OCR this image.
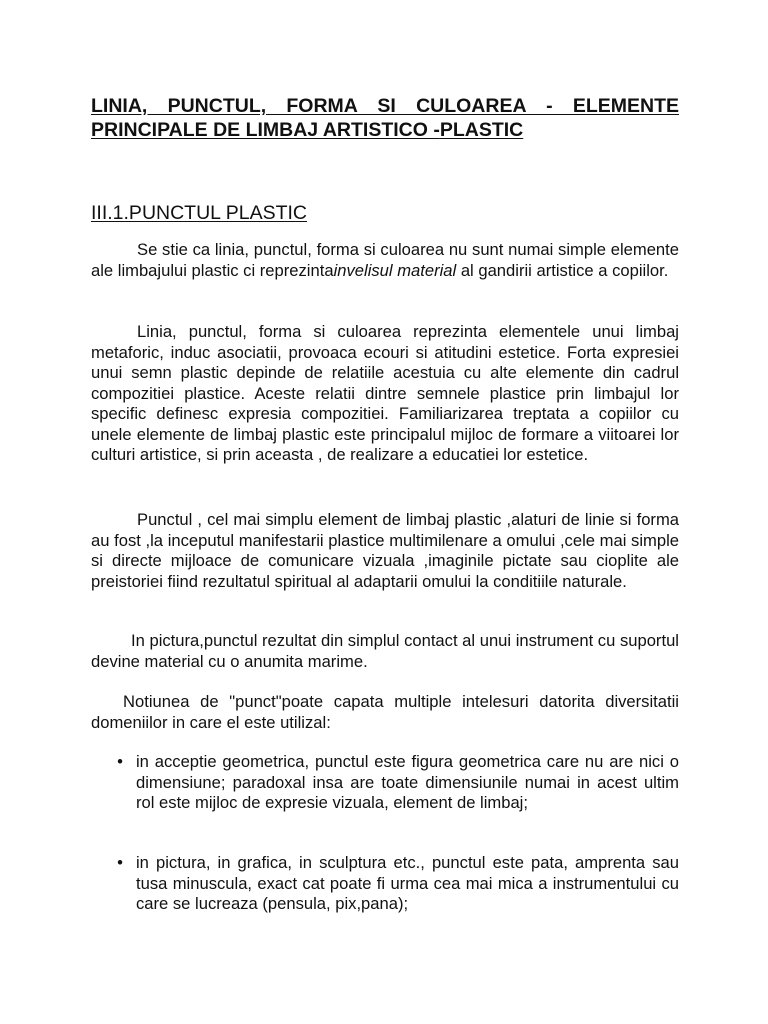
LINIA, PUNCTUL, FORMA SI CULOAREA - ELEMENTE PRINCIPALE DE LIMBAJ ARTISTICO -PLASTIC
III.1.PUNCTUL PLASTIC

Se stie ca linia, punctul, forma si culoarea nu sunt numai simple elemente ale limbajului plastic ci reprezintainvelisul material al gandirii artistice a copiilor.

Linia, punctul, forma si culoarea reprezinta elementele unui limbaj metaforic, induc asociatii, provoaca ecouri si atitudini estetice. Forta expresiei unui semn plastic depinde de relatiile acestuia cu alte elemente din cadrul compozitiei plastice. Aceste relatii dintre semnele plastice prin limbajul lor specific definesc expresia compozitiei. Familiarizarea treptata a copiilor cu unele elemente de limbaj plastic este principalul mijloc de formare a viitoarei lor culturi artistice, si prin aceasta , de realizare a educatiei lor estetice.

Punctul , cel mai simplu element de limbaj plastic ,alaturi de linie si forma au fost ,la inceputul manifestarii plastice multimilenare a omului ,cele mai simple si directe mijloace de comunicare vizuala ,imaginile pictate sau cioplite ale preistoriei fiind rezultatul spiritual al adaptarii omului la conditiile naturale.

In pictura,punctul rezultat din simplul contact al unui instrument cu suportul devine material cu o anumita marime.

Notiunea de "punct"poate capata multiple intelesuri datorita diversitatii domeniilor in care el este utilizal:

• in acceptie geometrica, punctul este figura geometrica care nu are nici o dimensiune; paradoxal insa are toate dimensiunile numai in acest ultim rol este mijloc de expresie vizuala, element de limbaj;
• in pictura, in grafica, in sculptura etc., punctul este pata, amprenta sau tusa minuscula, exact cat poate fi urma cea mai mica a instrumentului cu care se lucreaza (pensula, pix,pana);
